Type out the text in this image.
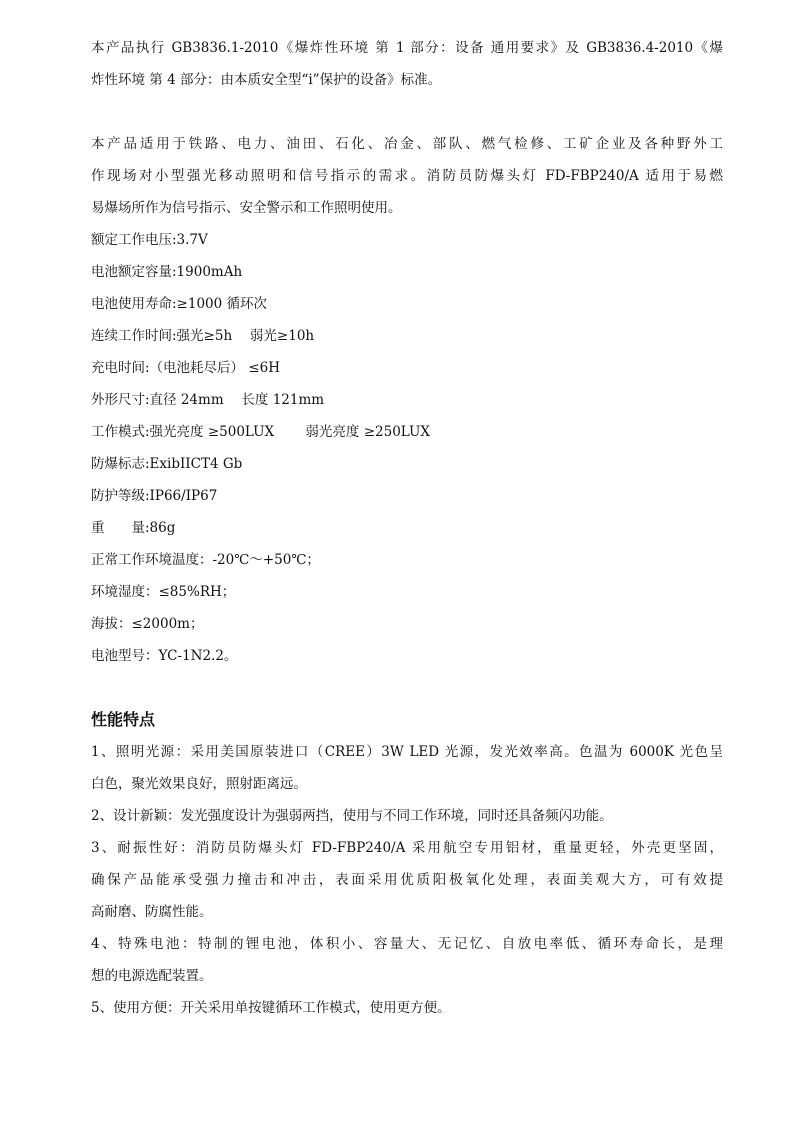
本产品执行 GB3836.1-2010《爆炸性环境 第 1 部分：设备 通用要求》及 GB3836.4-2010《爆
炸性环境 第 4 部分：由本质安全型“i”保护的设备》标准。
本产品适用于铁路、电力、油田、石化、冶金、部队、燃气检修、工矿企业及各种野外工
作现场对小型强光移动照明和信号指示的需求。消防员防爆头灯 FD-FBP240/A 适用于易燃
易爆场所作为信号指示、安全警示和工作照明使用。
额定工作电压:3.7V
电池额定容量:1900mAh
电池使用寿命:≥1000 循环次
连续工作时间:强光≥5h　 弱光≥10h
充电时间:（电池耗尽后） ≤6H
外形尺寸:直径 24mm　 长度 121mm
工作模式:强光亮度 ≥500LUX　　 弱光亮度 ≥250LUX
防爆标志:ExibIICT4 Gb
防护等级:IP66/IP67
重　　量:86g
正常工作环境温度：-20℃～+50℃；
环境湿度：≤85%RH；
海拔：≤2000m；
电池型号：YC-1N2.2。
性能特点
1、照明光源：采用美国原装进口（CREE）3W LED 光源，发光效率高。色温为 6000K 光色呈
白色，聚光效果良好，照射距离远。
2、设计新颖：发光强度设计为强弱两挡，使用与不同工作环境，同时还具备频闪功能。
3、耐振性好：消防员防爆头灯 FD-FBP240/A 采用航空专用铝材，重量更轻，外壳更坚固，
确保产品能承受强力撞击和冲击，表面采用优质阳极氧化处理，表面美观大方，可有效提
高耐磨、防腐性能。
4、特殊电池：特制的锂电池，体积小、容量大、无记忆、自放电率低、循环寿命长，是理
想的电源选配装置。
5、使用方便：开关采用单按键循环工作模式，使用更方便。
